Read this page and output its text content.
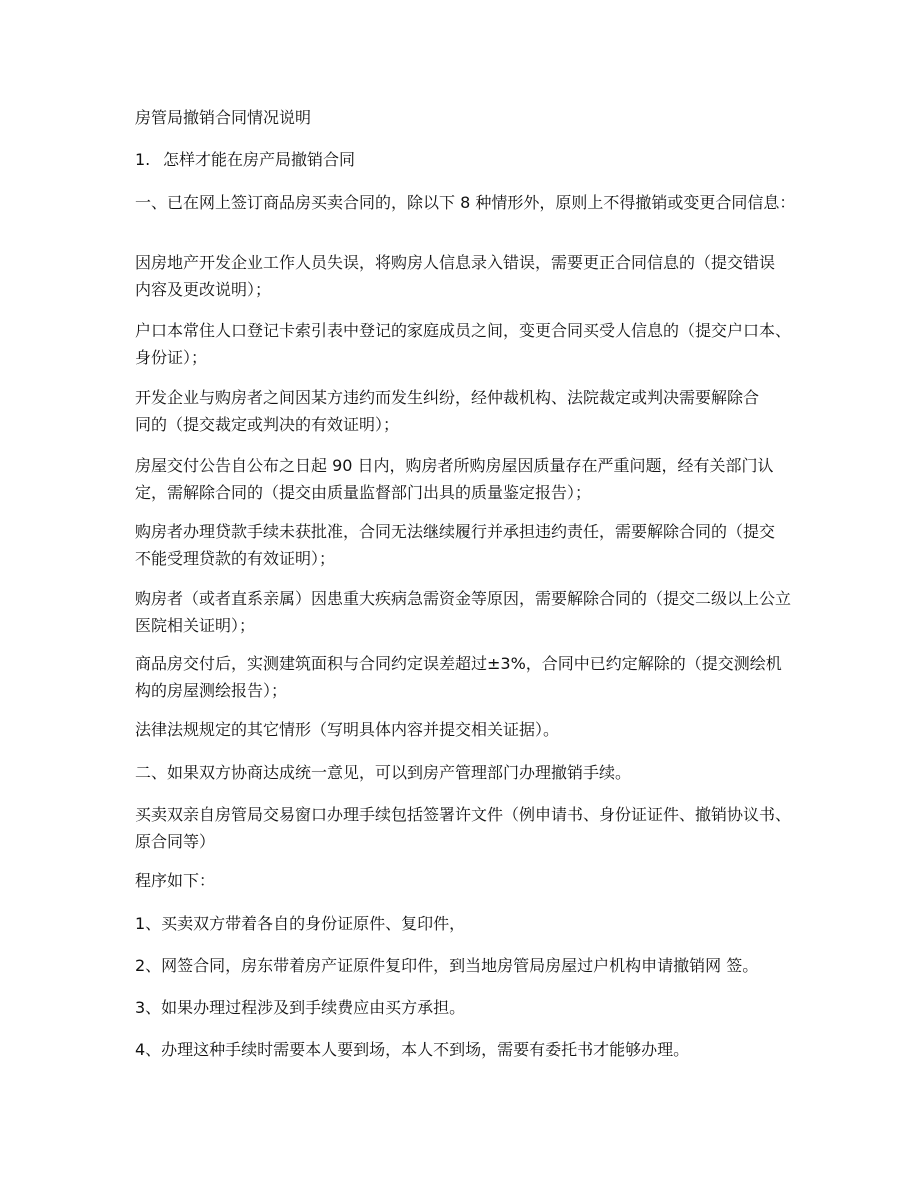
房管局撤销合同情况说明

1. 怎样才能在房产局撤销合同

一、已在网上签订商品房买卖合同的，除以下 8 种情形外，原则上不得撤销或变更合同信息：

因房地产开发企业工作人员失误，将购房人信息录入错误，需要更正合同信息的（提交错误
内容及更改说明）；
户口本常住人口登记卡索引表中登记的家庭成员之间，变更合同买受人信息的（提交户口本、
身份证）；
开发企业与购房者之间因某方违约而发生纠纷，经仲裁机构、法院裁定或判决需要解除合
同的（提交裁定或判决的有效证明）；
房屋交付公告自公布之日起 90 日内，购房者所购房屋因质量存在严重问题，经有关部门认
定，需解除合同的（提交由质量监督部门出具的质量鉴定报告）；
购房者办理贷款手续未获批准，合同无法继续履行并承担违约责任，需要解除合同的（提交
不能受理贷款的有效证明）；
购房者（或者直系亲属）因患重大疾病急需资金等原因，需要解除合同的（提交二级以上公立
医院相关证明）；
商品房交付后，实测建筑面积与合同约定误差超过±3%，合同中已约定解除的（提交测绘机
构的房屋测绘报告）；

法律法规规定的其它情形（写明具体内容并提交相关证据）。

二、如果双方协商达成统一意见，可以到房产管理部门办理撤销手续。

买卖双亲自房管局交易窗口办理手续包括签署许文件（例申请书、身份证证件、撤销协议书、
原合同等）

程序如下：

1、买卖双方带着各自的身份证原件、复印件，

2、网签合同，房东带着房产证原件复印件，到当地房管局房屋过户机构申请撤销网 签。

3、如果办理过程涉及到手续费应由买方承担。

4、办理这种手续时需要本人要到场，本人不到场，需要有委托书才能够办理。
